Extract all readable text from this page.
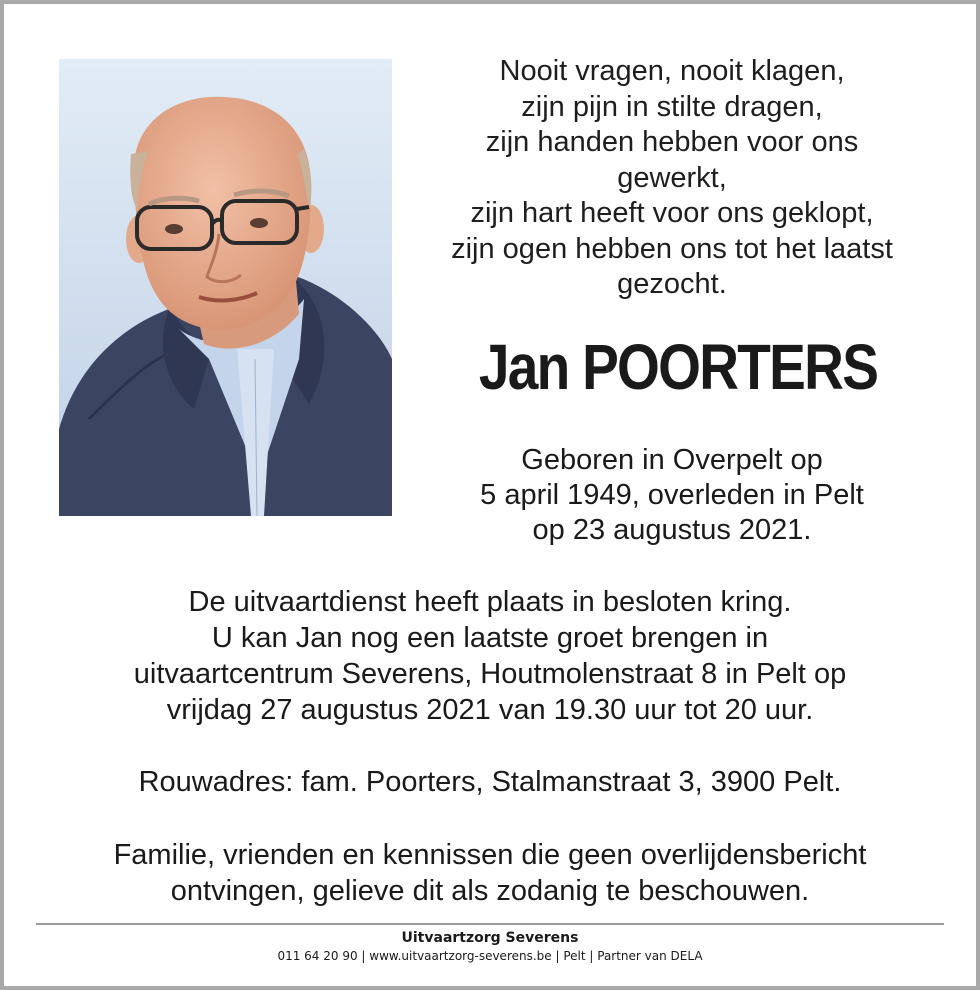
Nooit vragen, nooit klagen,
zijn pijn in stilte dragen,
zijn handen hebben voor ons
gewerkt,
zijn hart heeft voor ons geklopt,
zijn ogen hebben ons tot het laatst
gezocht.
Jan POORTERS
Geboren in Overpelt op
5 april 1949, overleden in Pelt
op 23 augustus 2021.
De uitvaartdienst heeft plaats in besloten kring.
U kan Jan nog een laatste groet brengen in
uitvaartcentrum Severens, Houtmolenstraat 8 in Pelt op
vrijdag 27 augustus 2021 van 19.30 uur tot 20 uur.
Rouwadres: fam. Poorters, Stalmanstraat 3, 3900 Pelt.
Familie, vrienden en kennissen die geen overlijdensbericht
ontvingen, gelieve dit als zodanig te beschouwen.
Uitvaartzorg Severens
011 64 20 90 | www.uitvaartzorg-severens.be | Pelt | Partner van DELA
